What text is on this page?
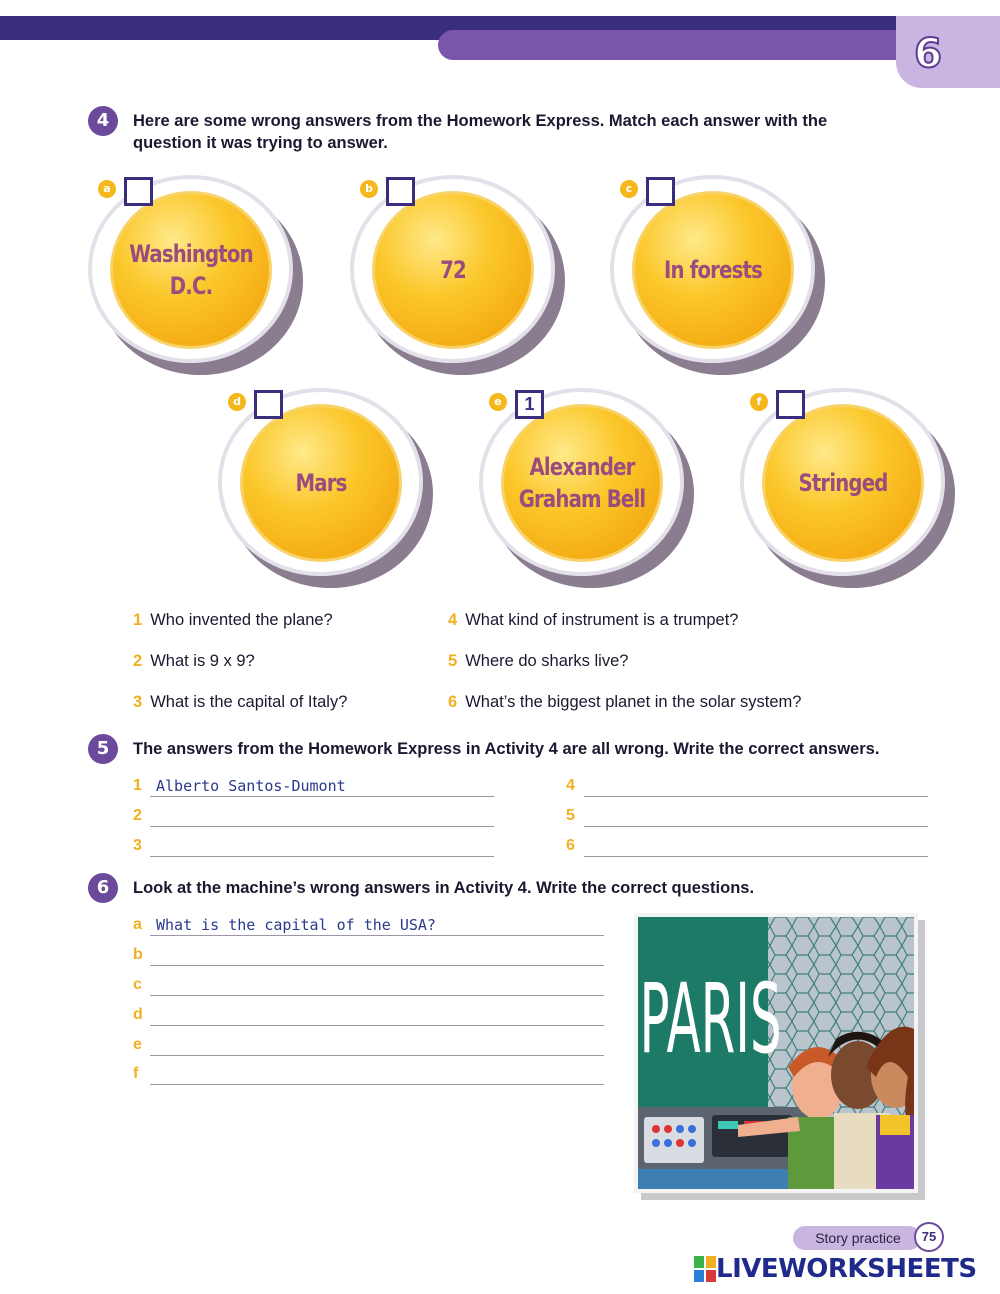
6
4	Here are some wrong answers from the Homework Express. Match each answer with the question it was trying to answer.
Washington D.C.
a
72
b
In forests
c
Mars
d
Alexander Graham Bell
e	1
Stringed
f
1 Who invented the plane?
2 What is 9 x 9?
3 What is the capital of Italy?
4 What kind of instrument is a trumpet?
5 Where do sharks live?
6 What’s the biggest planet in the solar system?
5	The answers from the Homework Express in Activity 4 are all wrong. Write the correct answers.
1 Alberto Santos-Dumont
2
3
4
5
6
6	Look at the machine’s wrong answers in Activity 4. Write the correct questions.
a What is the capital of the USA?
b
c
d
e
f	PARIS
Story practice	75
LIVEWORKSHEETS
